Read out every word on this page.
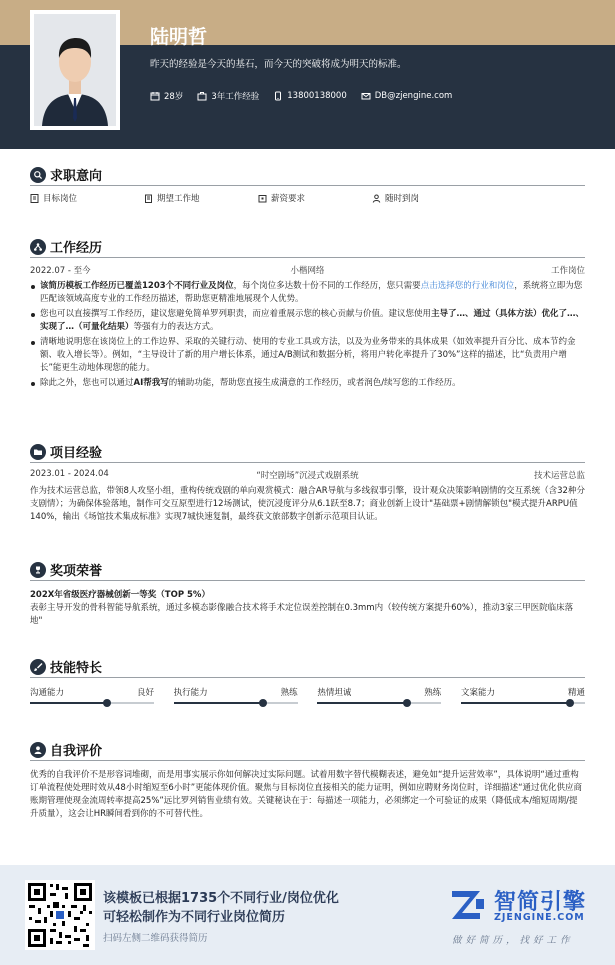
陆明哲
昨天的经验是今天的基石，而今天的突破将成为明天的标准。
28岁	3年工作经验	13800138000	DB@zjengine.com
求职意向
目标岗位	期望工作地	薪资要求	随时到岗
工作经历
2022.07 - 至今	小楷网络	工作岗位
该简历模板工作经历已覆盖1203个不同行业及岗位，每个岗位多达数十份不同的工作经历，您只需要点击选择您的行业和岗位，系统将立即为您匹配该领域高度专业的工作经历描述，帮助您更精准地展现个人优势。
您也可以直接撰写工作经历，建议您避免简单罗列职责，而应着重展示您的核心贡献与价值。建议您使用主导了…、通过（具体方法）优化了…、实现了…（可量化结果）等强有力的表达方式。
清晰地说明您在该岗位上的工作边界、采取的关键行动、使用的专业工具或方法，以及为业务带来的具体成果（如效率提升百分比、成本节约金额、收入增长等）。例如，“主导设计了新的用户增长体系，通过A/B测试和数据分析，将用户转化率提升了30%”这样的描述，比“负责用户增长”能更生动地体现您的能力。
除此之外，您也可以通过AI帮我写的辅助功能，帮助您直接生成满意的工作经历，或者润色/续写您的工作经历。
项目经验
2023.01 - 2024.04	“时空剧场”沉浸式戏剧系统	技术运营总监
作为技术运营总监，带领8人攻坚小组，重构传统戏剧的单向观赏模式：融合AR导航与多线叙事引擎，设计观众决策影响剧情的交互系统（含32种分支剧情）；为确保体验落地，制作可交互原型进行12场测试，使沉浸度评分从6.1跃至8.7；商业创新上设计"基础票+剧情解锁包"模式提升ARPU值140%，输出《场馆技术集成标准》实现7城快速复制，最终获文旅部数字创新示范项目认证。
奖项荣誉
202X年省级医疗器械创新一等奖（TOP 5%）
表彰主导开发的骨科智能导航系统，通过多模态影像融合技术将手术定位误差控制在0.3mm内（较传统方案提升60%），推动3家三甲医院临床落地"
技能特长
沟通能力	良好 执行能力	熟练 热情坦诚	熟练 文案能力	精通
自我评价
优秀的自我评价不是形容词堆砌，而是用事实展示你如何解决过实际问题。试着用数字替代模糊表述，避免如“提升运营效率”，具体说明“通过重构订单流程使处理时效从48小时缩短至6小时”更能体现价值。聚焦与目标岗位直接相关的能力证明，例如应聘财务岗位时，详细描述“通过优化供应商账期管理使现金流周转率提高25%”远比罗列销售业绩有效。关键秘诀在于：每描述一项能力，必须绑定一个可验证的成果（降低成本/缩短周期/提升质量），这会让HR瞬间看到你的不可替代性。
该模板已根据1735个不同行业/岗位优化
可轻松制作为不同行业岗位简历
扫码左侧二维码获得简历
智简引擎
ZJENGINE.COM
做好简历，找好工作
